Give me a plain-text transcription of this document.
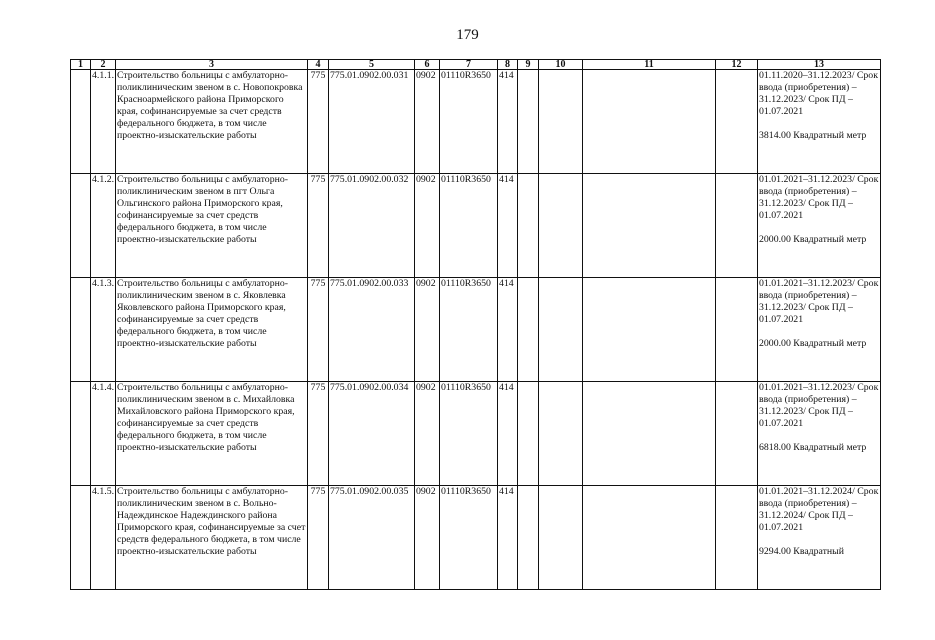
179
1	2	3	4	5	6	7	8	9	10	11	12	13
	4.1.1.	Строительство больницы с амбулаторно-поликлиническим звеном в с. Новопокровка Красноармейского района Приморского края, софинансируемые за счет средств федерального бюджета, в том числе проектно-изыскательские работы	775	775.01.0902.00.031	0902	01110R3650	414					01.11.2020–31.12.2023/ Срок ввода (приобретения) – 31.12.2023/ Срок ПД – 01.07.2021
3814.00 Квадратный метр

	4.1.2.	Строительство больницы с амбулаторно-поликлиническим звеном в пгт Ольга Ольгинского района Приморского края, софинансируемые за счет средств федерального бюджета, в том числе проектно-изыскательские работы	775	775.01.0902.00.032	0902	01110R3650	414					01.01.2021–31.12.2023/ Срок ввода (приобретения) – 31.12.2023/ Срок ПД – 01.07.2021
2000.00 Квадратный метр

	4.1.3.	Строительство больницы с амбулаторно-поликлиническим звеном в с. Яковлевка Яковлевского района Приморского края, софинансируемые за счет средств федерального бюджета, в том числе проектно-изыскательские работы	775	775.01.0902.00.033	0902	01110R3650	414					01.01.2021–31.12.2023/ Срок ввода (приобретения) – 31.12.2023/ Срок ПД – 01.07.2021
2000.00 Квадратный метр

	4.1.4.	Строительство больницы с амбулаторно-поликлиническим звеном в с. Михайловка Михайловского района Приморского края, софинансируемые за счет средств федерального бюджета, в том числе проектно-изыскательские работы	775	775.01.0902.00.034	0902	01110R3650	414					01.01.2021–31.12.2023/ Срок ввода (приобретения) – 31.12.2023/ Срок ПД – 01.07.2021
6818.00 Квадратный метр

	4.1.5.	Строительство больницы с амбулаторно-поликлиническим звеном в с. Вольно-Надеждинское Надеждинского района Приморского края, софинансируемые за счет средств федерального бюджета, в том числе проектно-изыскательские работы	775	775.01.0902.00.035	0902	01110R3650	414					01.01.2021–31.12.2024/ Срок ввода (приобретения) – 31.12.2024/ Срок ПД – 01.07.2021
9294.00 Квадратный
